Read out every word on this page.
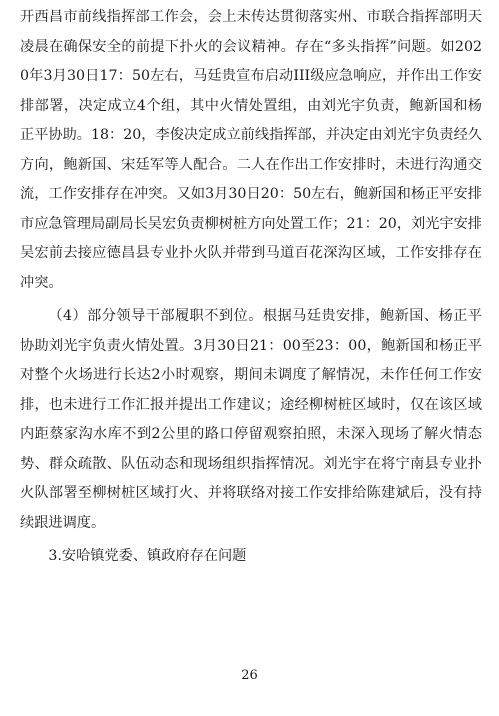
开西昌市前线指挥部工作会，会上未传达贯彻落实州、市联合指挥部明天凌晨在确保安全的前提下扑火的会议精神。存在“多头指挥”问题。如2020年3月30日17：50左右，马廷贵宣布启动III级应急响应，并作出工作安排部署，决定成立4个组，其中火情处置组，由刘光宇负责，鲍新国和杨正平协助。18：20，李俊决定成立前线指挥部，并决定由刘光宇负责经久方向，鲍新国、宋廷军等人配合。二人在作出工作安排时，未进行沟通交流，工作安排存在冲突。又如3月30日20：50左右，鲍新国和杨正平安排市应急管理局副局长吴宏负责柳树桩方向处置工作；21：20，刘光宇安排吴宏前去接应德昌县专业扑火队并带到马道百花深沟区域，工作安排存在冲突。

（4）部分领导干部履职不到位。根据马廷贵安排，鲍新国、杨正平协助刘光宇负责火情处置。3月30日21：00至23：00，鲍新国和杨正平对整个火场进行长达2小时观察，期间未调度了解情况，未作任何工作安排，也未进行工作汇报并提出工作建议；途经柳树桩区域时，仅在该区域内距蔡家沟水库不到2公里的路口停留观察拍照，未深入现场了解火情态势、群众疏散、队伍动态和现场组织指挥情况。刘光宇在将宁南县专业扑火队部署至柳树桩区域打火、并将联络对接工作安排给陈建斌后，没有持续跟进调度。

3.安哈镇党委、镇政府存在问题

26
